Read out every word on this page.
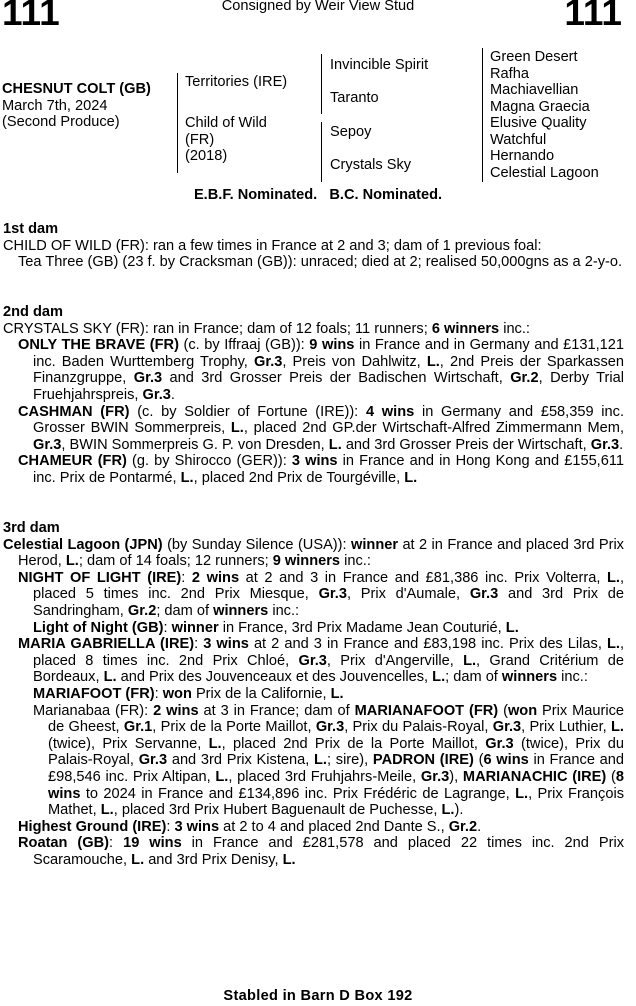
111	Consigned by Weir View Stud	111
CHESNUT COLT (GB)
March 7th, 2024
(Second Produce)
Territories (IRE)
Child of Wild
(FR)
(2018)
Invincible Spirit
Taranto
Sepoy
Crystals Sky
Green Desert
Rafha
Machiavellian
Magna Graecia
Elusive Quality
Watchful
Hernando
Celestial Lagoon
E.B.F. Nominated.   B.C. Nominated.
1st dam
CHILD OF WILD (FR): ran a few times in France at 2 and 3; dam of 1 previous foal:
Tea Three (GB) (23 f. by Cracksman (GB)): unraced; died at 2; realised 50,000gns as a 2-y-o.
2nd dam
CRYSTALS SKY (FR): ran in France; dam of 12 foals; 11 runners; 6 winners inc.:
ONLY THE BRAVE (FR) (c. by Iffraaj (GB)): 9 wins in France and in Germany and £131,121 inc. Baden Wurttemberg Trophy, Gr.3, Preis von Dahlwitz, L., 2nd Preis der Sparkassen Finanzgruppe, Gr.3 and 3rd Grosser Preis der Badischen Wirtschaft, Gr.2, Derby Trial Fruehjahrspreis, Gr.3.
CASHMAN (FR) (c. by Soldier of Fortune (IRE)): 4 wins in Germany and £58,359 inc. Grosser BWIN Sommerpreis, L., placed 2nd GP.der Wirtschaft-Alfred Zimmermann Mem, Gr.3, BWIN Sommerpreis G. P. von Dresden, L. and 3rd Grosser Preis der Wirtschaft, Gr.3.
CHAMEUR (FR) (g. by Shirocco (GER)): 3 wins in France and in Hong Kong and £155,611 inc. Prix de Pontarmé, L., placed 2nd Prix de Tourgéville, L.
3rd dam
Celestial Lagoon (JPN) (by Sunday Silence (USA)): winner at 2 in France and placed 3rd Prix Herod, L.; dam of 14 foals; 12 runners; 9 winners inc.:
NIGHT OF LIGHT (IRE): 2 wins at 2 and 3 in France and £81,386 inc. Prix Volterra, L., placed 5 times inc. 2nd Prix Miesque, Gr.3, Prix d'Aumale, Gr.3 and 3rd Prix de Sandringham, Gr.2; dam of winners inc.:
Light of Night (GB): winner in France, 3rd Prix Madame Jean Couturié, L.
MARIA GABRIELLA (IRE): 3 wins at 2 and 3 in France and £83,198 inc. Prix des Lilas, L., placed 8 times inc. 2nd Prix Chloé, Gr.3, Prix d'Angerville, L., Grand Critérium de Bordeaux, L. and Prix des Jouvenceaux et des Jouvencelles, L.; dam of winners inc.:
MARIAFOOT (FR): won Prix de la Californie, L.
Marianabaa (FR): 2 wins at 3 in France; dam of MARIANAFOOT (FR) (won Prix Maurice de Gheest, Gr.1, Prix de la Porte Maillot, Gr.3, Prix du Palais-Royal, Gr.3, Prix Luthier, L. (twice), Prix Servanne, L., placed 2nd Prix de la Porte Maillot, Gr.3 (twice), Prix du Palais-Royal, Gr.3 and 3rd Prix Kistena, L.; sire), PADRON (IRE) (6 wins in France and £98,546 inc. Prix Altipan, L., placed 3rd Fruhjahrs-Meile, Gr.3), MARIANACHIC (IRE) (8 wins to 2024 in France and £134,896 inc. Prix Frédéric de Lagrange, L., Prix François Mathet, L., placed 3rd Prix Hubert Baguenault de Puchesse, L.).
Highest Ground (IRE): 3 wins at 2 to 4 and placed 2nd Dante S., Gr.2.
Roatan (GB): 19 wins in France and £281,578 and placed 22 times inc. 2nd Prix Scaramouche, L. and 3rd Prix Denisy, L.
Stabled in Barn D Box 192
